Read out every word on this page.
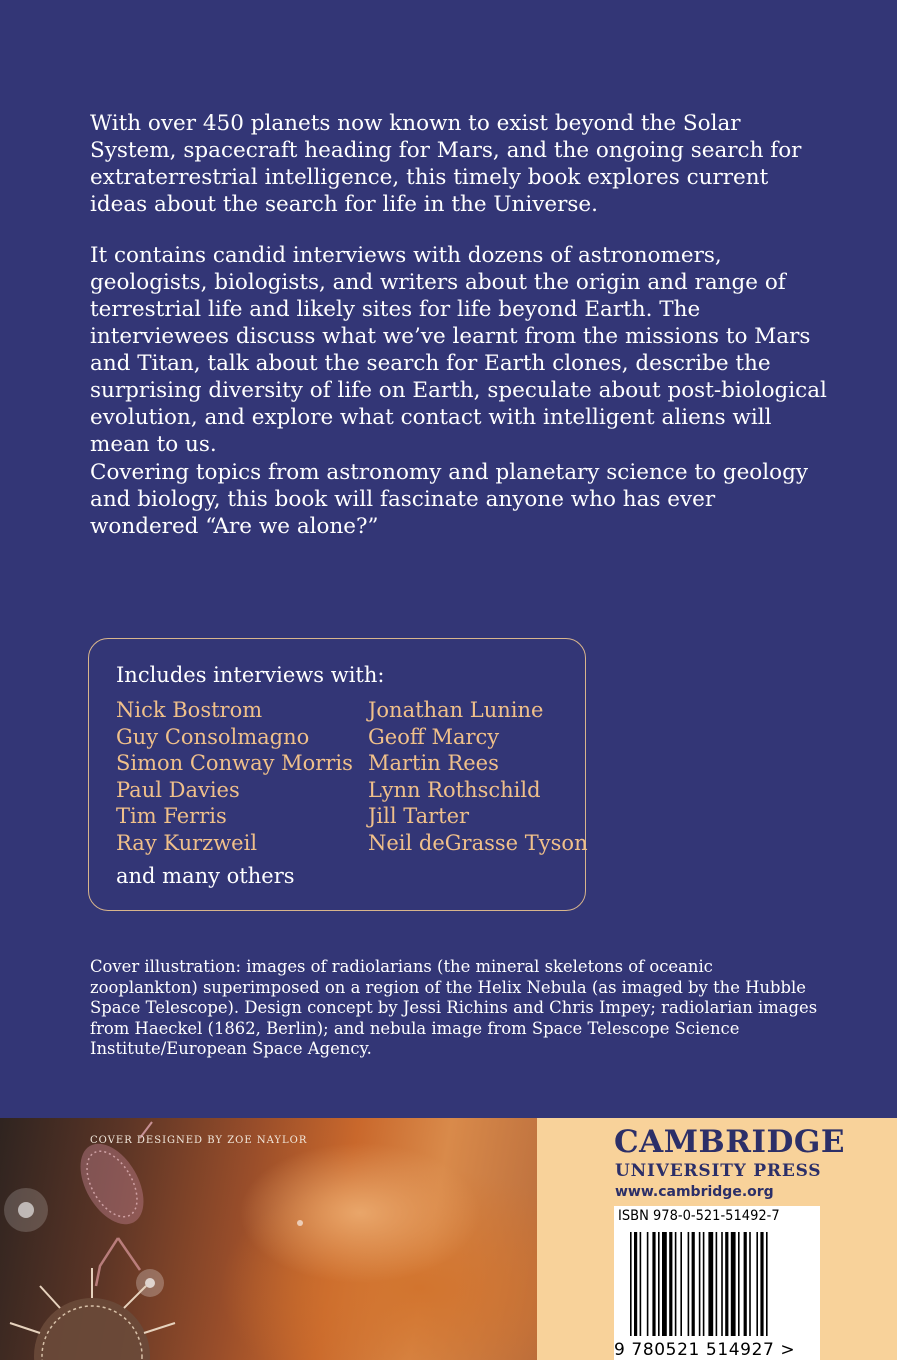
With over 450 planets now known to exist beyond the Solar System, spacecraft heading for Mars, and the ongoing search for extraterrestrial intelligence, this timely book explores current ideas about the search for life in the Universe.

It contains candid interviews with dozens of astronomers, geologists, biologists, and writers about the origin and range of terrestrial life and likely sites for life beyond Earth. The interviewees discuss what we’ve learnt from the missions to Mars and Titan, talk about the search for Earth clones, describe the surprising diversity of life on Earth, speculate about post-biological evolution, and explore what contact with intelligent aliens will mean to us.

Covering topics from astronomy and planetary science to geology and biology, this book will fascinate anyone who has ever wondered “Are we alone?”

Includes interviews with:

Nick Bostrom
Guy Consolmagno
Simon Conway Morris
Paul Davies
Tim Ferris
Ray Kurzweil
Jonathan Lunine
Geoff Marcy
Martin Rees
Lynn Rothschild
Jill Tarter
Neil deGrasse Tyson

and many others

Cover illustration: images of radiolarians (the mineral skeletons of oceanic zooplankton) superimposed on a region of the Helix Nebula (as imaged by the Hubble Space Telescope). Design concept by Jessi Richins and Chris Impey; radiolarian images from Haeckel (1862, Berlin); and nebula image from Space Telescope Science Institute/European Space Agency.

COVER DESIGNED BY ZOE NAYLOR	CAMBRIDGE

UNIVERSITY PRESS

www.cambridge.org

ISBN 978-0-521-51492-7

9 780521 514927 >
